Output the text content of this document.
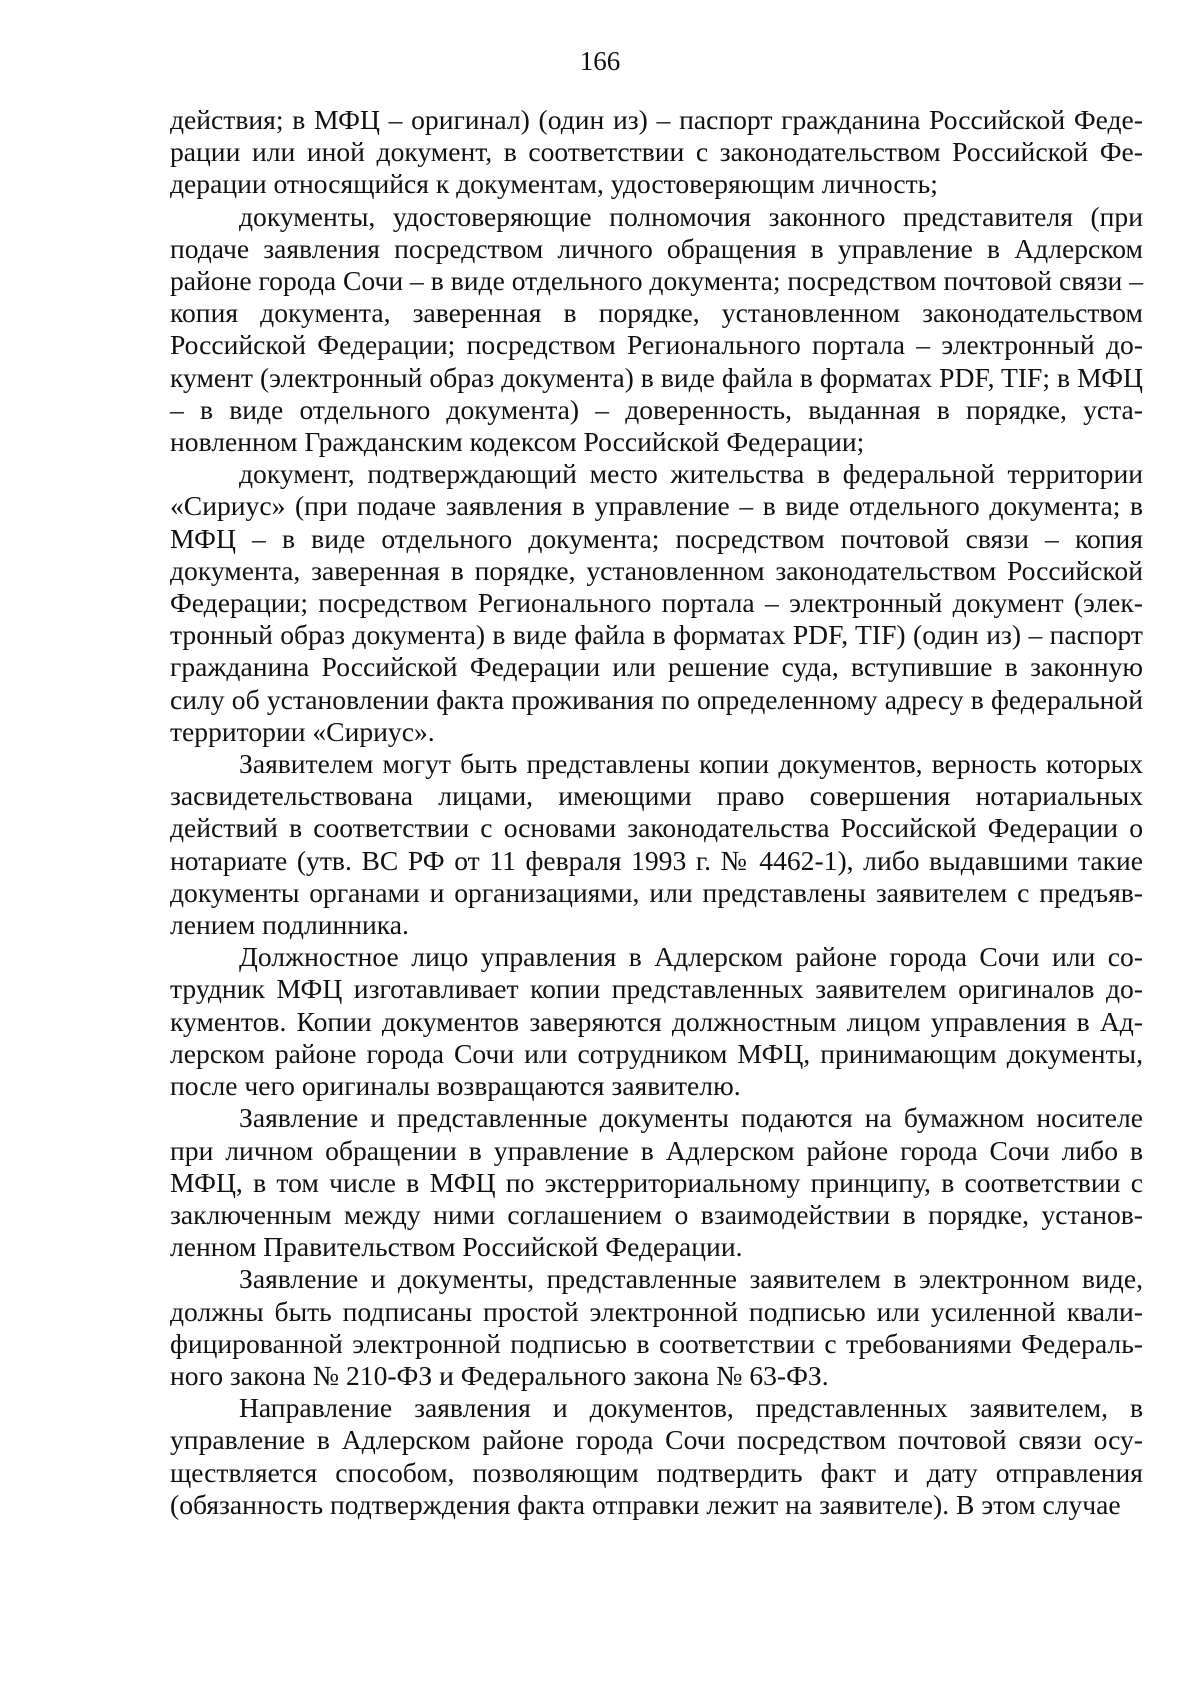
166

действия; в МФЦ – оригинал) (один из) – паспорт гражданина Российской Федерации или иной документ, в соответствии с законодательством Российской Федерации относящийся к документам, удостоверяющим личность;

документы, удостоверяющие полномочия законного представителя (при подаче заявления посредством личного обращения в управление в Адлерском районе города Сочи – в виде отдельного документа; посредством почтовой связи – копия документа, заверенная в порядке, установленном законодательством Российской Федерации; посредством Регионального портала – электронный документ (электронный образ документа) в виде файла в форматах PDF, TIF; в МФЦ – в виде отдельного документа) – доверенность, выданная в порядке, установленном Гражданским кодексом Российской Федерации;

документ, подтверждающий место жительства в федеральной территории «Сириус» (при подаче заявления в управление – в виде отдельного документа; в МФЦ – в виде отдельного документа; посредством почтовой связи – копия документа, заверенная в порядке, установленном законодательством Российской Федерации; посредством Регионального портала – электронный документ (электронный образ документа) в виде файла в форматах PDF, TIF) (один из) – паспорт гражданина Российской Федерации или решение суда, вступившие в законную силу об установлении факта проживания по определенному адресу в федеральной территории «Сириус».

Заявителем могут быть представлены копии документов, верность которых засвидетельствована лицами, имеющими право совершения нотариальных действий в соответствии с основами законодательства Российской Федерации о нотариате (утв. ВС РФ от 11 февраля 1993 г. № 4462-1), либо выдавшими такие документы органами и организациями, или представлены заявителем с предъявлением подлинника.

Должностное лицо управления в Адлерском районе города Сочи или сотрудник МФЦ изготавливает копии представленных заявителем оригиналов документов. Копии документов заверяются должностным лицом управления в Адлерском районе города Сочи или сотрудником МФЦ, принимающим документы, после чего оригиналы возвращаются заявителю.

Заявление и представленные документы подаются на бумажном носителе при личном обращении в управление в Адлерском районе города Сочи либо в МФЦ, в том числе в МФЦ по экстерриториальному принципу, в соответствии с заключенным между ними соглашением о взаимодействии в порядке, установленном Правительством Российской Федерации.

Заявление и документы, представленные заявителем в электронном виде, должны быть подписаны простой электронной подписью или усиленной квалифицированной электронной подписью в соответствии с требованиями Федерального закона № 210-ФЗ и Федерального закона № 63-ФЗ.

Направление заявления и документов, представленных заявителем, в управление в Адлерском районе города Сочи посредством почтовой связи осуществляется способом, позволяющим подтвердить факт и дату отправления (обязанность подтверждения факта отправки лежит на заявителе). В этом случае
